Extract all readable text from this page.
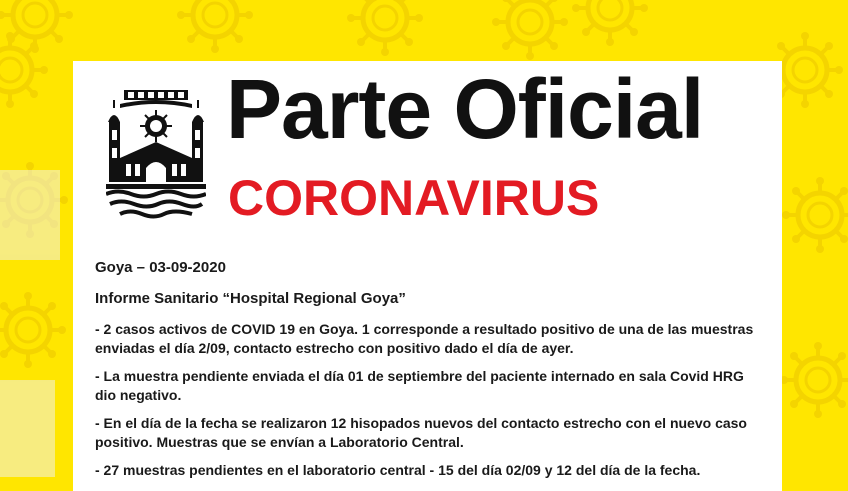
Parte Oficial
CORONAVIRUS

Goya – 03-09-2020

Informe Sanitario “Hospital Regional Goya”

- 2 casos activos de COVID 19 en Goya. 1 corresponde a resultado positivo de una de las muestras enviadas el día 2/09, contacto estrecho con positivo dado el día de ayer.

- La muestra pendiente enviada el día 01 de septiembre del paciente internado en sala Covid HRG dio negativo.

- En el día de la fecha se realizaron 12 hisopados nuevos del contacto estrecho con el nuevo caso positivo. Muestras que se envían a Laboratorio Central.

- 27 muestras pendientes en el laboratorio central - 15 del día 02/09 y 12 del día de la fecha.
